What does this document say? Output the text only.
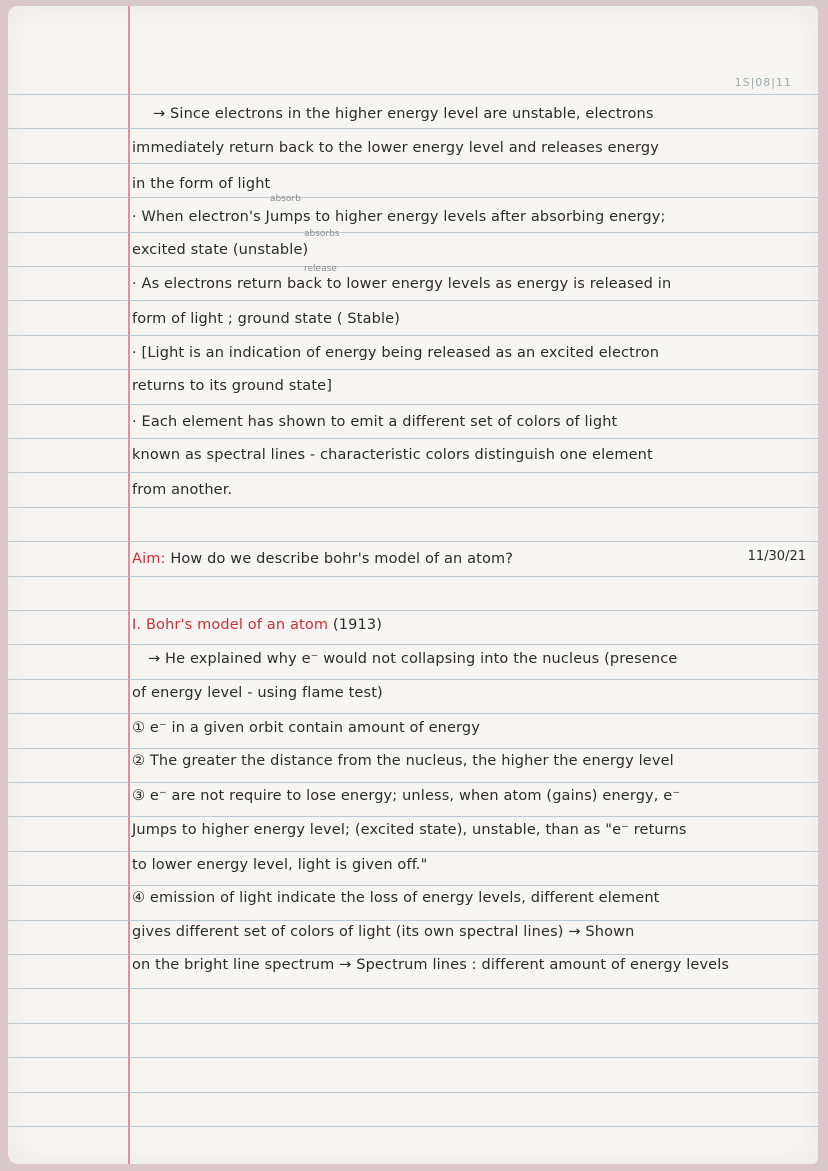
1S|08|11
→ Since electrons in the higher energy level are unstable, electrons
immediately return back to the lower energy level and releases energy
in the form of light
absorb
· When electron's Jumps to higher energy levels after absorbing energy;
absorbs
excited state (unstable)
release
· As electrons return back to lower energy levels as energy is released in
form of light ; ground state ( Stable)
· [Light is an indication of energy being released as an excited electron
returns to its ground state]
· Each element has shown to emit a different set of colors of light
known as spectral lines - characteristic colors distinguish one element
from another.
Aim: How do we describe bohr's model of an atom?	11/30/21
I. Bohr's model of an atom (1913)
→ He explained why e⁻ would not collapsing into the nucleus (presence
of energy level - using flame test)
① e⁻ in a given orbit contain amount of energy
② The greater the distance from the nucleus, the higher the energy level
③ e⁻ are not require to lose energy; unless, when atom (gains) energy, e⁻
Jumps to higher energy level; (excited state), unstable, than as "e⁻ returns
to lower energy level, light is given off."
④ emission of light indicate the loss of energy levels, different element
gives different set of colors of light (its own spectral lines) → Shown
on the bright line spectrum → Spectrum lines : different amount of energy levels
